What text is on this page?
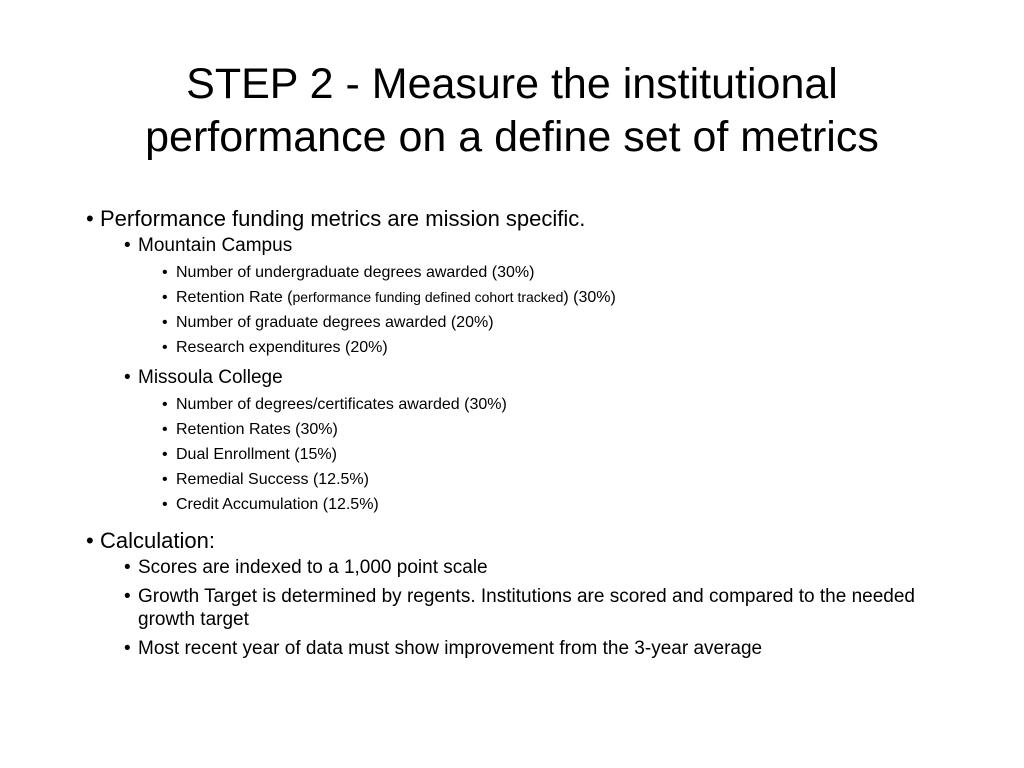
STEP 2 - Measure the institutional performance on a define set of metrics
• Performance funding metrics are mission specific.
• Mountain Campus
• Number of undergraduate degrees awarded (30%)
• Retention Rate (performance funding defined cohort tracked) (30%)
• Number of graduate degrees awarded (20%)
• Research expenditures (20%)
• Missoula College
• Number of degrees/certificates awarded (30%)
• Retention Rates (30%)
• Dual Enrollment (15%)
• Remedial Success (12.5%)
• Credit Accumulation (12.5%)
• Calculation:
• Scores are indexed to a 1,000 point scale
• Growth Target is determined by regents. Institutions are scored and compared to the needed growth target
• Most recent year of data must show improvement from the 3-year average
